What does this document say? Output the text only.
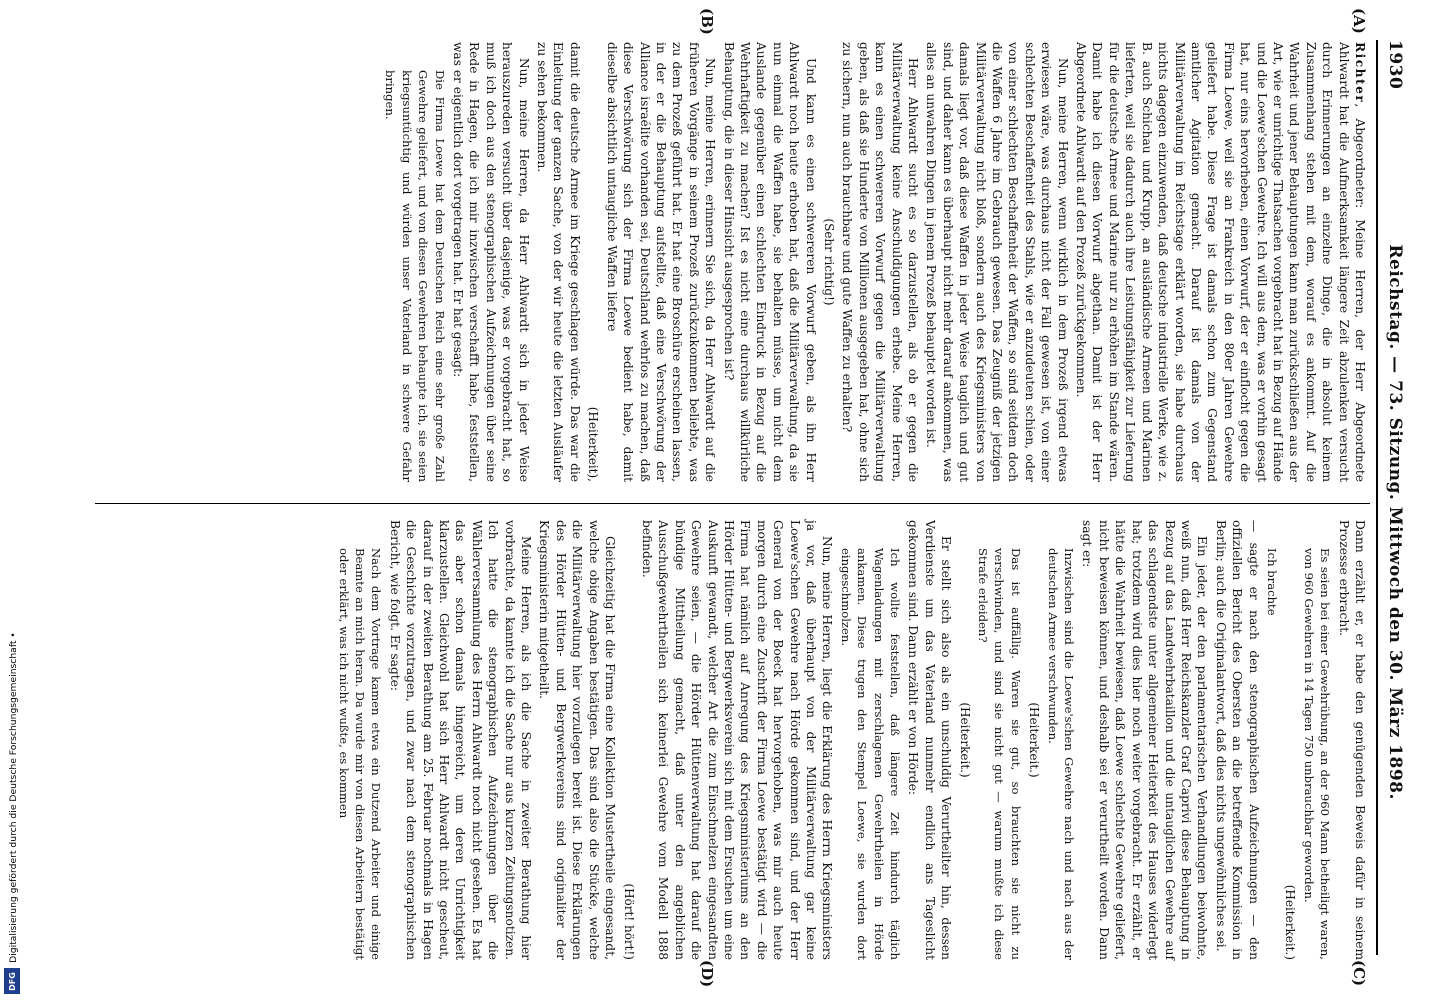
1930
Reichstag. — 73. Sitzung. Mittwoch den 30. März 1898.
(A)
(B)
(C)
(D)

Richter, Abgeordneter: Meine Herren, der Herr Abgeordnete Ahlwardt hat die Aufmerksamkeit längere Zeit abzulenken versucht durch Erinnerungen an einzelne Dinge, die in absolut keinem Zusammenhang stehen mit dem, worauf es ankommt. Auf die Wahrheit und jener Behauptungen kann man zurückschließen aus der Art, wie er unrichtige Thatsachen vorgebracht hat in Bezug auf Hände und die Loewe'schen Gewehre. Ich will aus dem, was er vorhin gesagt hat, nur eins hervorheben, einen Vorwurf, der er einflocht gegen die Firma Loewe, weil sie an Frankreich in den 80er Jahren Gewehre geliefert habe. Diese Frage ist damals schon zum Gegenstand amtlicher Agitation gemacht. Darauf ist damals von der Militärverwaltung im Reichstage erklärt worden, sie habe durchaus nichts dagegen einzuwenden, daß deutsche industrielle Werke, wie z. B. auch Schichau und Krupp, an ausländische Armeen und Marinen lieferten, weil sie dadurch auch ihre Leistungsfähigkeit zur Lieferung für die deutsche Armee und Marine nur zu erhöhen im Stande wären. Damit habe ich diesen Vorwurf abgethan. Damit ist der Herr Abgeordnete Ahlwardt auf den Prozeß zurückgekommen.

Nun, meine Herren, wenn wirklich in dem Prozeß irgend etwas erwiesen wäre, was durchaus nicht der Fall gewesen ist, von einer schlechten Beschaffenheit des Stahls, wie er anzudeuten schien, oder von einer schlechten Beschaffenheit der Waffen, so sind seitdem doch die Waffen 6 Jahre im Gebrauch gewesen. Das Zeugniß der jetzigen Militärverwaltung nicht bloß, sondern auch des Kriegsministers von damals liegt vor, daß diese Waffen in jeder Weise tauglich und gut sind, und daher kann es überhaupt nicht mehr darauf ankommen, was alles an unwahren Dingen in jenem Prozeß behauptet worden ist.

Herr Ahlwardt sucht es so darzustellen, als ob er gegen die Militärverwaltung keine Anschuldigungen erhebe. Meine Herren, kann es einen schwereren Vorwurf gegen die Militärverwaltung geben, als daß sie Hunderte von Millionen ausgegeben hat, ohne sich zu sichern, nun auch brauchbare und gute Waffen zu erhalten?

(Sehr richtig!)

Und kann es einen schwereren Vorwurf geben, als ihn Herr Ahlwardt noch heute erhoben hat, daß die Militärverwaltung, da sie nun einmal die Waffen habe, sie behalten müsse, um nicht dem Auslande gegenüber einen schlechten Eindruck in Bezug auf die Wehrhaftigkeit zu machen? Ist es nicht eine durchaus willkürliche Behauptung, die in dieser Hinsicht ausgesprochen ist?

Nun, meine Herren, erinnern Sie sich, da Herr Ahlwardt auf die früheren Vorgänge in seinem Prozeß zurückzukommen beliebte, was zu dem Prozeß geführt hat. Er hat eine Broschüre erscheinen lassen, in der er die Behauptung aufstellte, daß eine Verschwörung der Alliance israélite vorhanden sei, Deutschland wehrlos zu machen, daß diese Verschwörung sich der Firma Loewe bedient habe, damit dieselbe absichtlich untaugliche Waffen liefere

(Heiterkeit),

damit die deutsche Armee im Kriege geschlagen würde. Das war die Einleitung der ganzen Sache, von der wir heute die letzten Ausläufer zu sehen bekommen.

Nun, meine Herren, da Herr Ahlwardt sich in jeder Weise herauszureden versucht über dasjenige, was er vorgebracht hat, so muß ich doch aus den stenographischen Aufzeichnungen über seine Rede in Hagen, die ich mir inzwischen verschafft habe, feststellen, was er eigentlich dort vorgetragen hat. Er hat gesagt:

Die Firma Loewe hat dem Deutschen Reich eine sehr große Zahl Gewehre geliefert, und von diesen Gewehren behaupte ich, sie seien kriegsuntüchtig und würden unser Vaterland in schwere Gefahr bringen.

Dann erzählt er, er habe den genügenden Beweis dafür in seinem Prozesse erbracht.

Es seien bei einer Gewehrübung, an der 960 Mann betheiligt waren, von 960 Gewehren in 14 Tagen 750 unbrauchbar geworden.

(Heiterkeit.)

Ich brachte

— sagte er nach den stenographischen Aufzeichnungen — den offiziellen Bericht des Obersten an die betreffende Kommission in Berlin; auch die Originalantwort, daß dies nichts ungewöhnliches sei.

Ein jeder, der den parlamentarischen Verhandlungen beiwohnte, weiß nun, daß Herr Reichskanzler Graf Caprivi diese Behauptung in Bezug auf das Landwehrbataillon und die untauglichen Gewehre auf das schlagendste unter allgemeiner Heiterkeit des Hauses widerlegt hat; trotzdem wird dies hier noch weiter vorgebracht. Er erzählt, er hätte die Wahrheit bewiesen, daß Loewe schlechte Gewehre geliefert, nicht beweisen können, und deshalb sei er verurtheilt worden. Dann sagt er:

Inzwischen sind die Loewe'schen Gewehre nach und nach aus der deutschen Armee verschwunden.

(Heiterkeit.)

Das ist auffällig. Waren sie gut, so brauchten sie nicht zu verschwinden, und sind sie nicht gut — warum mußte ich diese Strafe erleiden?

(Heiterkeit.)

Er stellt sich also als ein unschuldig Verurtheilter hin, dessen Verdienste um das Vaterland nunmehr endlich ans Tageslicht gekommen sind. Dann erzählt er von Hörde:

Ich wollte feststellen, daß längere Zeit hindurch täglich Wagenladungen mit zerschlagenen Gewehrtheilen in Hörde ankamen. Diese trugen den Stempel Loewe, sie wurden dort eingeschmolzen.

Nun, meine Herren, liegt die Erklärung des Herrn Kriegsministers ja vor, daß überhaupt von der Militärverwaltung gar keine Loewe'schen Gewehre nach Hörde gekommen sind, und der Herr General von der Boeck hat hervorgehoben, was mir auch heute morgen durch eine Zuschrift der Firma Loewe bestätigt wird — die Firma hat nämlich auf Anregung des Kriegsministeriums an den Hörder Hütten- und Bergwerksverein sich mit dem Ersuchen um eine Auskunft gewandt, welcher Art die zum Einschmelzen eingesandten Gewehre seien, — die Hörder Hüttenverwaltung hat darauf die bündige Mittheilung gemacht, daß unter den angeblichen Ausschußgewehrtheilen sich keinerlei Gewehre vom Modell 1888 befinden.

(Hört! hört!)

Gleichzeitig hat die Firma eine Kollektion Mustertheile eingesandt, welche obige Angaben bestätigen. Das sind also die Stücke, welche die Militärverwaltung hier vorzulegen bereit ist. Diese Erklärungen des Hörder Hütten- und Bergwerkvereins sind originaliter der Kriegsministerin mitgetheilt.

Meine Herren, als ich die Sache in zweiter Berathung hier vorbrachte, da kannte ich die Sache nur aus kurzen Zeitungsnotizen. Ich hatte die stenographischen Aufzeichnungen über die Wählerversammlung des Herrn Ahlwardt noch nicht gesehen. Es hat das aber schon damals hingereicht, um deren Unrichtigkeit klarzustellen. Gleichwohl hat sich Herr Ahlwardt nicht gescheut, darauf in der zweiten Berathung am 25. Februar nochmals in Hagen die Geschichte vorzutragen, und zwar nach dem stenographischen Bericht, wie folgt. Er sagte:

Nach dem Vortrage kamen etwa ein Dutzend Arbeiter und einige Beamte an mich heran. Da wurde mir von diesen Arbeitern bestätigt oder erklärt, was ich nicht wußte, es kommen

Digitalisierung gefördert durch die Deutsche Forschungsgemeinschaft •
DFG
